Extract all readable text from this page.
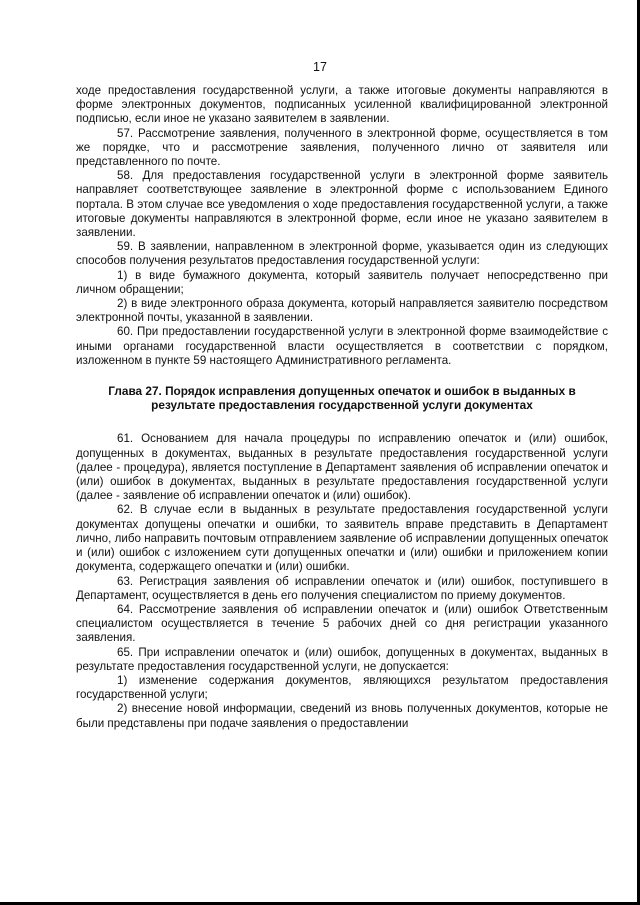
17

ходе предоставления государственной услуги, а также итоговые документы направляются в форме электронных документов, подписанных усиленной квалифицированной электронной подписью, если иное не указано заявителем в заявлении.

57. Рассмотрение заявления, полученного в электронной форме, осуществляется в том же порядке, что и рассмотрение заявления, полученного лично от заявителя или представленного по почте.

58. Для предоставления государственной услуги в электронной форме заявитель направляет соответствующее заявление в электронной форме с использованием Единого портала. В этом случае все уведомления о ходе предоставления государственной услуги, а также итоговые документы направляются в электронной форме, если иное не указано заявителем в заявлении.

59. В заявлении, направленном в электронной форме, указывается один из следующих способов получения результатов предоставления государственной услуги:

1) в виде бумажного документа, который заявитель получает непосредственно при личном обращении;

2) в виде электронного образа документа, который направляется заявителю посредством электронной почты, указанной в заявлении.

60. При предоставлении государственной услуги в электронной форме взаимодействие с иными органами государственной власти осуществляется в соответствии с порядком, изложенном в пункте 59 настоящего Административного регламента.

Глава 27. Порядок исправления допущенных опечаток и ошибок в выданных в результате предоставления государственной услуги документах

61. Основанием для начала процедуры по исправлению опечаток и (или) ошибок, допущенных в документах, выданных в результате предоставления государственной услуги (далее - процедура), является поступление в Департамент заявления об исправлении опечаток и (или) ошибок в документах, выданных в результате предоставления государственной услуги (далее - заявление об исправлении опечаток и (или) ошибок).

62. В случае если в выданных в результате предоставления государственной услуги документах допущены опечатки и ошибки, то заявитель вправе представить в Департамент лично, либо направить почтовым отправлением заявление об исправлении допущенных опечаток и (или) ошибок с изложением сути допущенных опечатки и (или) ошибки и приложением копии документа, содержащего опечатки и (или) ошибки.

63. Регистрация заявления об исправлении опечаток и (или) ошибок, поступившего в Департамент, осуществляется в день его получения специалистом по приему документов.

64. Рассмотрение заявления об исправлении опечаток и (или) ошибок Ответственным специалистом осуществляется в течение 5 рабочих дней со дня регистрации указанного заявления.

65. При исправлении опечаток и (или) ошибок, допущенных в документах, выданных в результате предоставления государственной услуги, не допускается:

1) изменение содержания документов, являющихся результатом предоставления государственной услуги;

2) внесение новой информации, сведений из вновь полученных документов, которые не были представлены при подаче заявления о предоставлении
